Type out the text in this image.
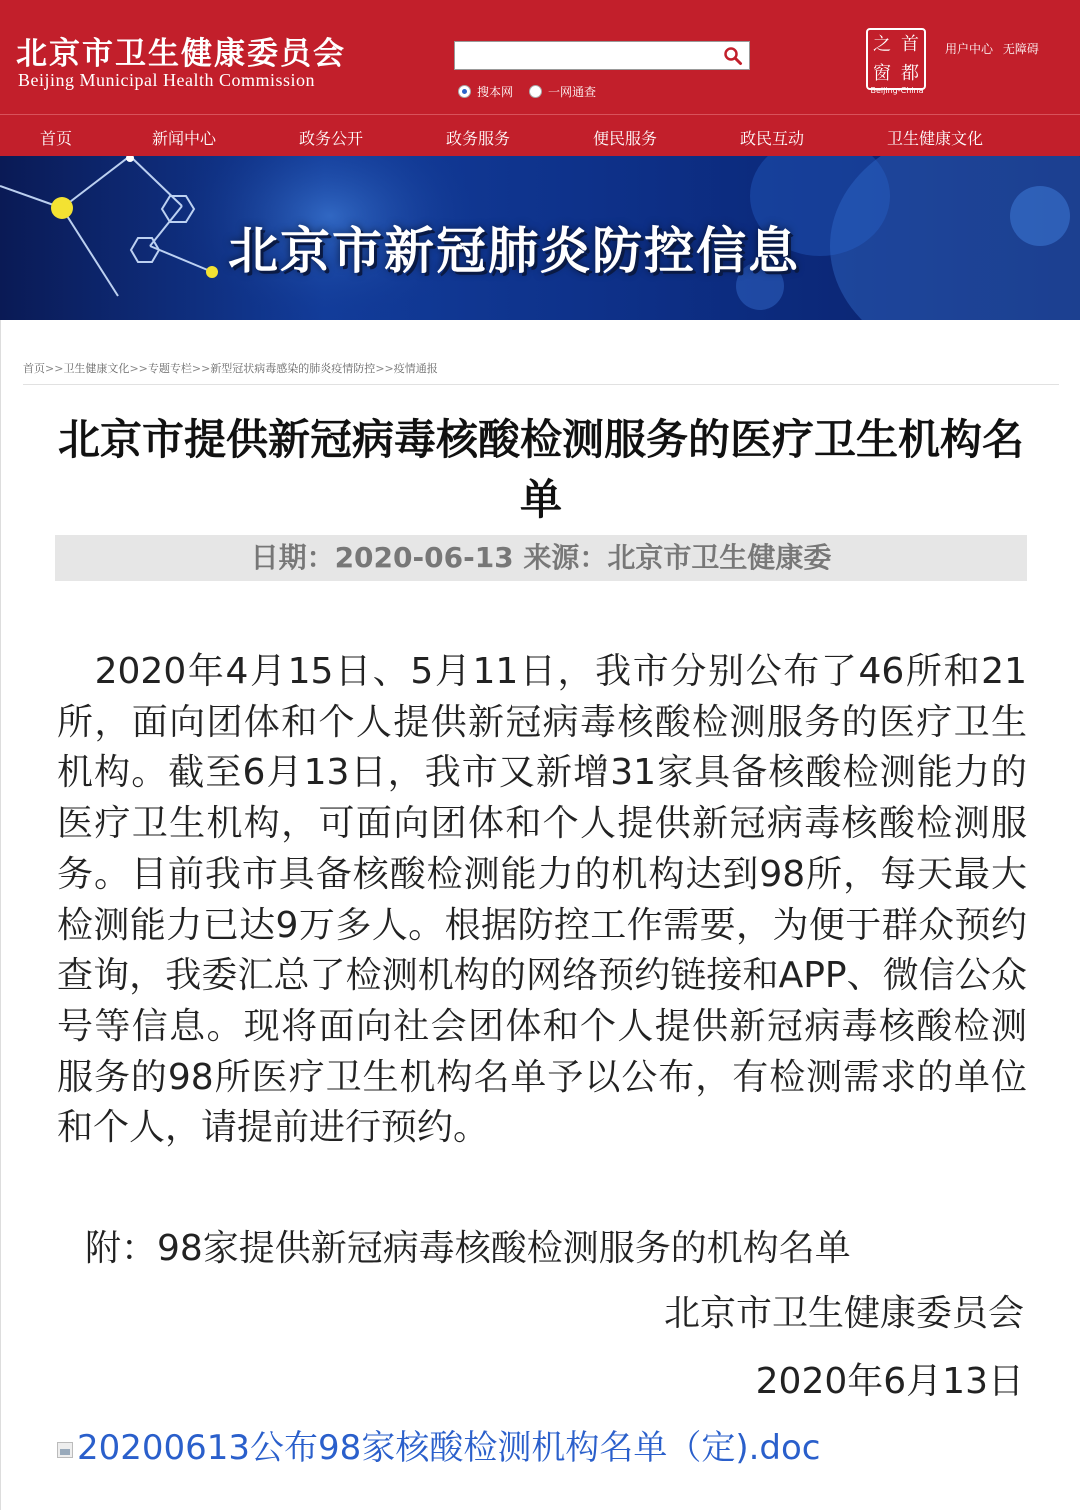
北京市卫生健康委员会
Beijing Municipal Health Commission
搜本网	一网通查
之 首
窗 都
Beijing-China
用户中心 无障碍
首页	新闻中心	政务公开	政务服务	便民服务	政民互动	卫生健康文化
北京市新冠肺炎防控信息
首页>>卫生健康文化>>专题专栏>>新型冠状病毒感染的肺炎疫情防控>>疫情通报
北京市提供新冠病毒核酸检测服务的医疗卫生机构名单
日期：2020-06-13 来源：北京市卫生健康委
　2020年4月15日、5月11日，我市分别公布了46所和21所，面向团体和个人提供新冠病毒核酸检测服务的医疗卫生机构。截至6月13日，我市又新增31家具备核酸检测能力的医疗卫生机构，可面向团体和个人提供新冠病毒核酸检测服务。目前我市具备核酸检测能力的机构达到98所，每天最大检测能力已达9万多人。根据防控工作需要，为便于群众预约查询，我委汇总了检测机构的网络预约链接和APP、微信公众号等信息。现将面向社会团体和个人提供新冠病毒核酸检测服务的98所医疗卫生机构名单予以公布，有检测需求的单位和个人，请提前进行预约。
附：98家提供新冠病毒核酸检测服务的机构名单
北京市卫生健康委员会
2020年6月13日
20200613公布98家核酸检测机构名单（定).doc
